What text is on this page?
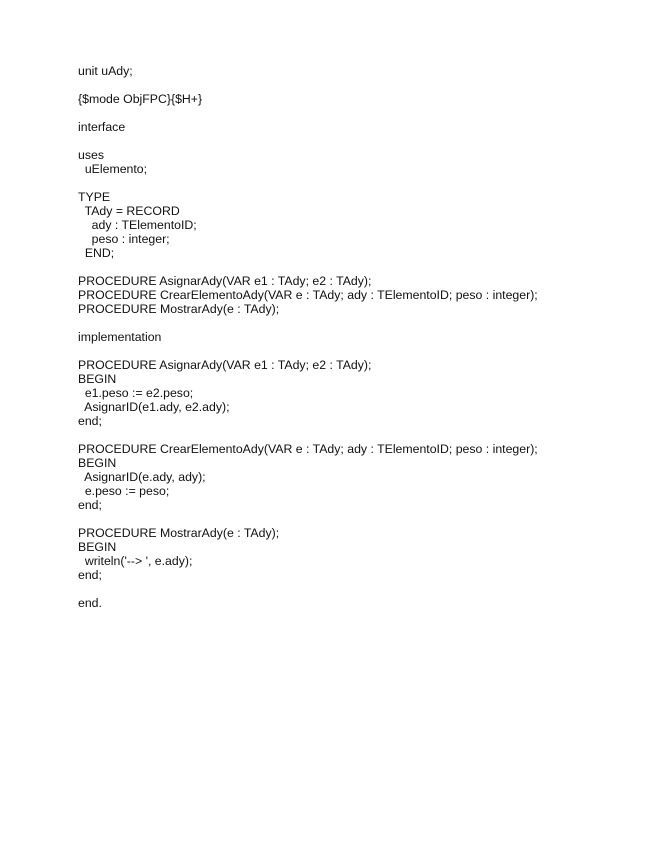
unit uAdy;
{$mode ObjFPC}{$H+}
interface
uses
uElemento;
TYPE
TAdy = RECORD
ady : TElementoID;
peso : integer;
END;
PROCEDURE AsignarAdy(VAR e1 : TAdy; e2 : TAdy);
PROCEDURE CrearElementoAdy(VAR e : TAdy; ady : TElementoID; peso : integer);
PROCEDURE MostrarAdy(e : TAdy);
implementation
PROCEDURE AsignarAdy(VAR e1 : TAdy; e2 : TAdy);
BEGIN
e1.peso := e2.peso;
AsignarID(e1.ady, e2.ady);
end;
PROCEDURE CrearElementoAdy(VAR e : TAdy; ady : TElementoID; peso : integer);
BEGIN
AsignarID(e.ady, ady);
e.peso := peso;
end;
PROCEDURE MostrarAdy(e : TAdy);
BEGIN
writeln('--> ', e.ady);
end;
end.
